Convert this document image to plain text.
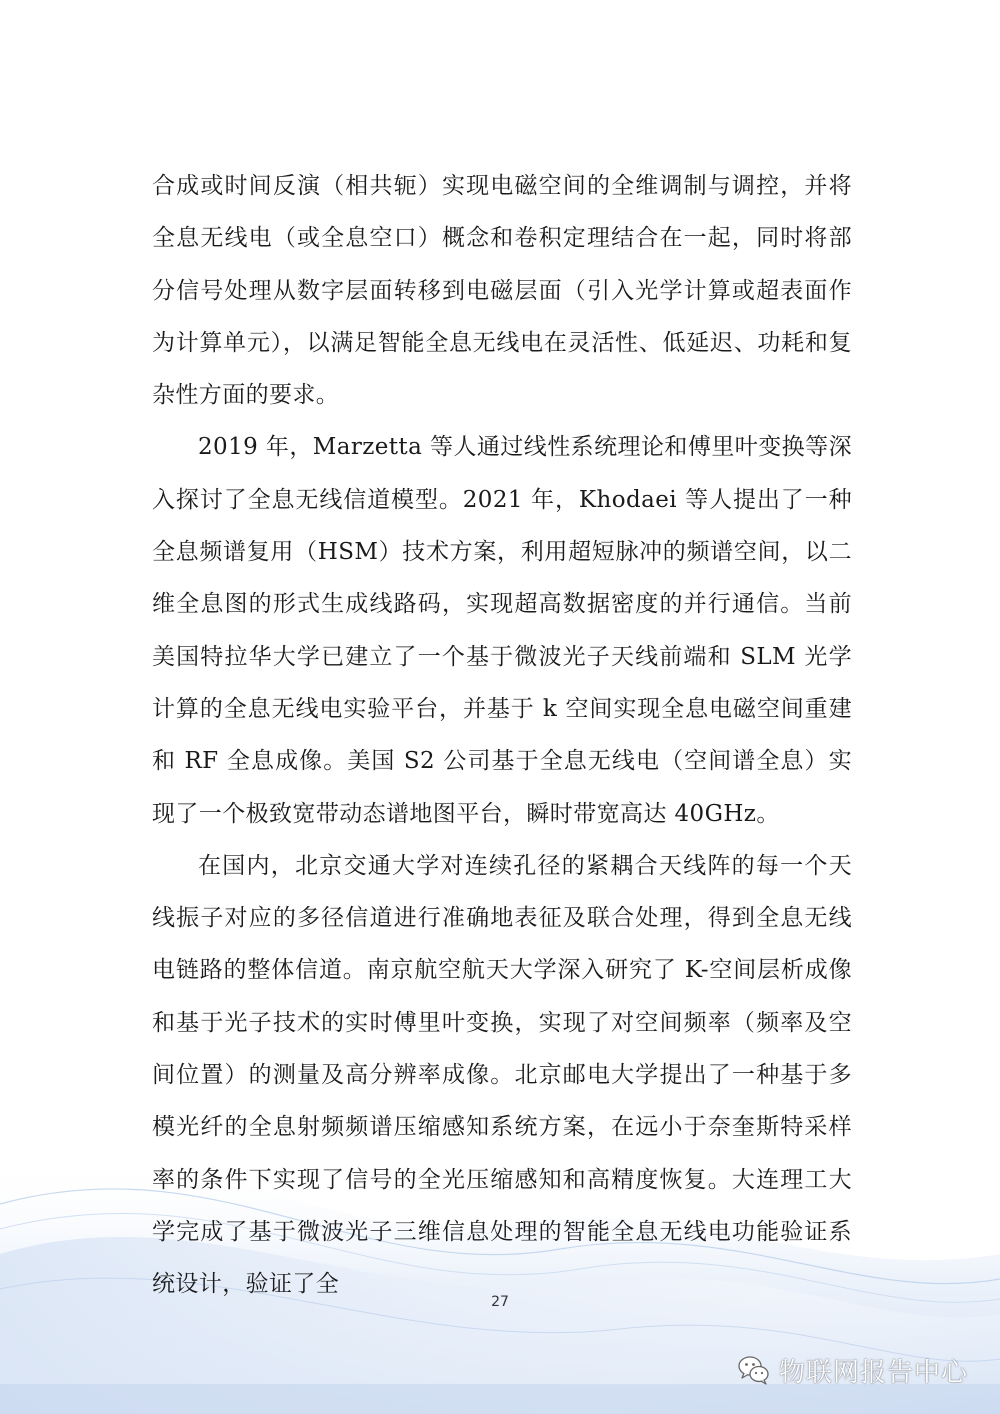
合成或时间反演（相共轭）实现电磁空间的全维调制与调控，并将全息无线电（或全息空口）概念和卷积定理结合在一起，同时将部分信号处理从数字层面转移到电磁层面（引入光学计算或超表面作为计算单元），以满足智能全息无线电在灵活性、低延迟、功耗和复杂性方面的要求。

2019 年，Marzetta 等人通过线性系统理论和傅里叶变换等深入探讨了全息无线信道模型。2021 年，Khodaei 等人提出了一种全息频谱复用（HSM）技术方案，利用超短脉冲的频谱空间，以二维全息图的形式生成线路码，实现超高数据密度的并行通信。当前美国特拉华大学已建立了一个基于微波光子天线前端和 SLM 光学计算的全息无线电实验平台，并基于 k 空间实现全息电磁空间重建和 RF 全息成像。美国 S2 公司基于全息无线电（空间谱全息）实现了一个极致宽带动态谱地图平台，瞬时带宽高达 40GHz。

在国内，北京交通大学对连续孔径的紧耦合天线阵的每一个天线振子对应的多径信道进行准确地表征及联合处理，得到全息无线电链路的整体信道。南京航空航天大学深入研究了 K-空间层析成像和基于光子技术的实时傅里叶变换，实现了对空间频率（频率及空间位置）的测量及高分辨率成像。北京邮电大学提出了一种基于多模光纤的全息射频频谱压缩感知系统方案，在远小于奈奎斯特采样率的条件下实现了信号的全光压缩感知和高精度恢复。大连理工大学完成了基于微波光子三维信息处理的智能全息无线电功能验证系统设计，验证了全

27
物联网报告中心
